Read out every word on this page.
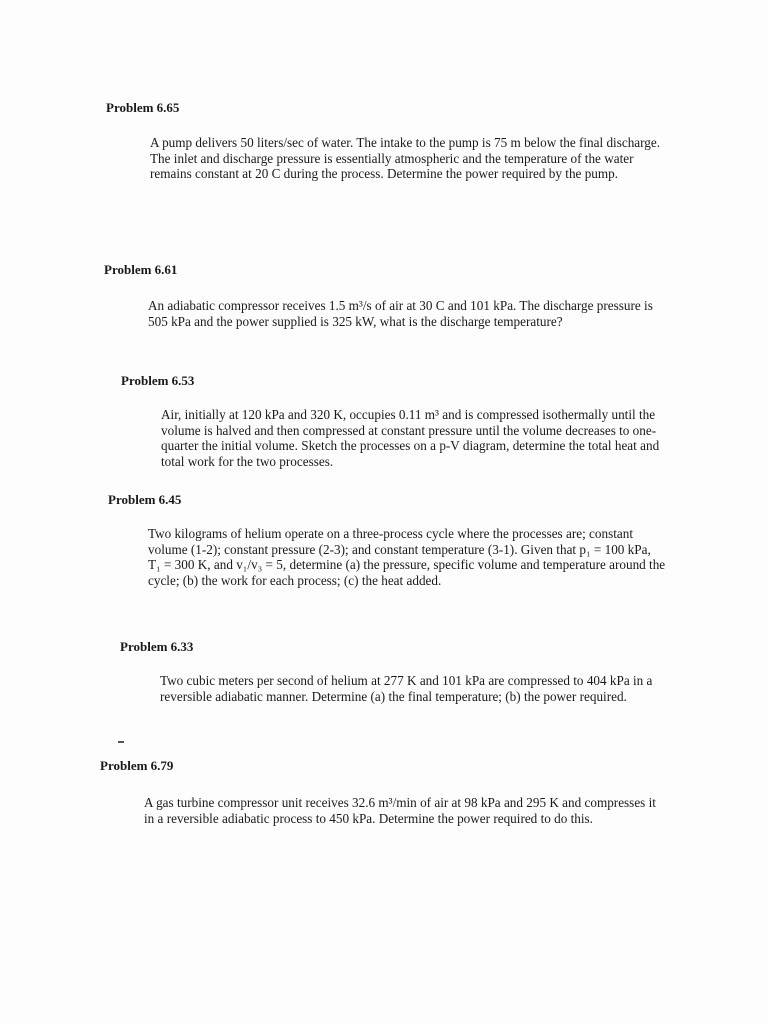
Problem 6.65

A pump delivers 50 liters/sec of water. The intake to the pump is 75 m below the final discharge. The inlet and discharge pressure is essentially atmospheric and the temperature of the water remains constant at 20 C during the process. Determine the power required by the pump.

Problem 6.61

An adiabatic compressor receives 1.5 m³/s of air at 30 C and 101 kPa. The discharge pressure is 505 kPa and the power supplied is 325 kW, what is the discharge temperature?

Problem 6.53

Air, initially at 120 kPa and 320 K, occupies 0.11 m³ and is compressed isothermally until the volume is halved and then compressed at constant pressure until the volume decreases to one-quarter the initial volume. Sketch the processes on a p-V diagram, determine the total heat and total work for the two processes.

Problem 6.45

Two kilograms of helium operate on a three-process cycle where the processes are; constant volume (1-2); constant pressure (2-3); and constant temperature (3-1). Given that p₁ = 100 kPa, T₁ = 300 K, and v₁/v₃ = 5, determine (a) the pressure, specific volume and temperature around the cycle; (b) the work for each process; (c) the heat added.

Problem 6.33

Two cubic meters per second of helium at 277 K and 101 kPa are compressed to 404 kPa in a reversible adiabatic manner. Determine (a) the final temperature; (b) the power required.

Problem 6.79

A gas turbine compressor unit receives 32.6 m³/min of air at 98 kPa and 295 K and compresses it in a reversible adiabatic process to 450 kPa. Determine the power required to do this.
